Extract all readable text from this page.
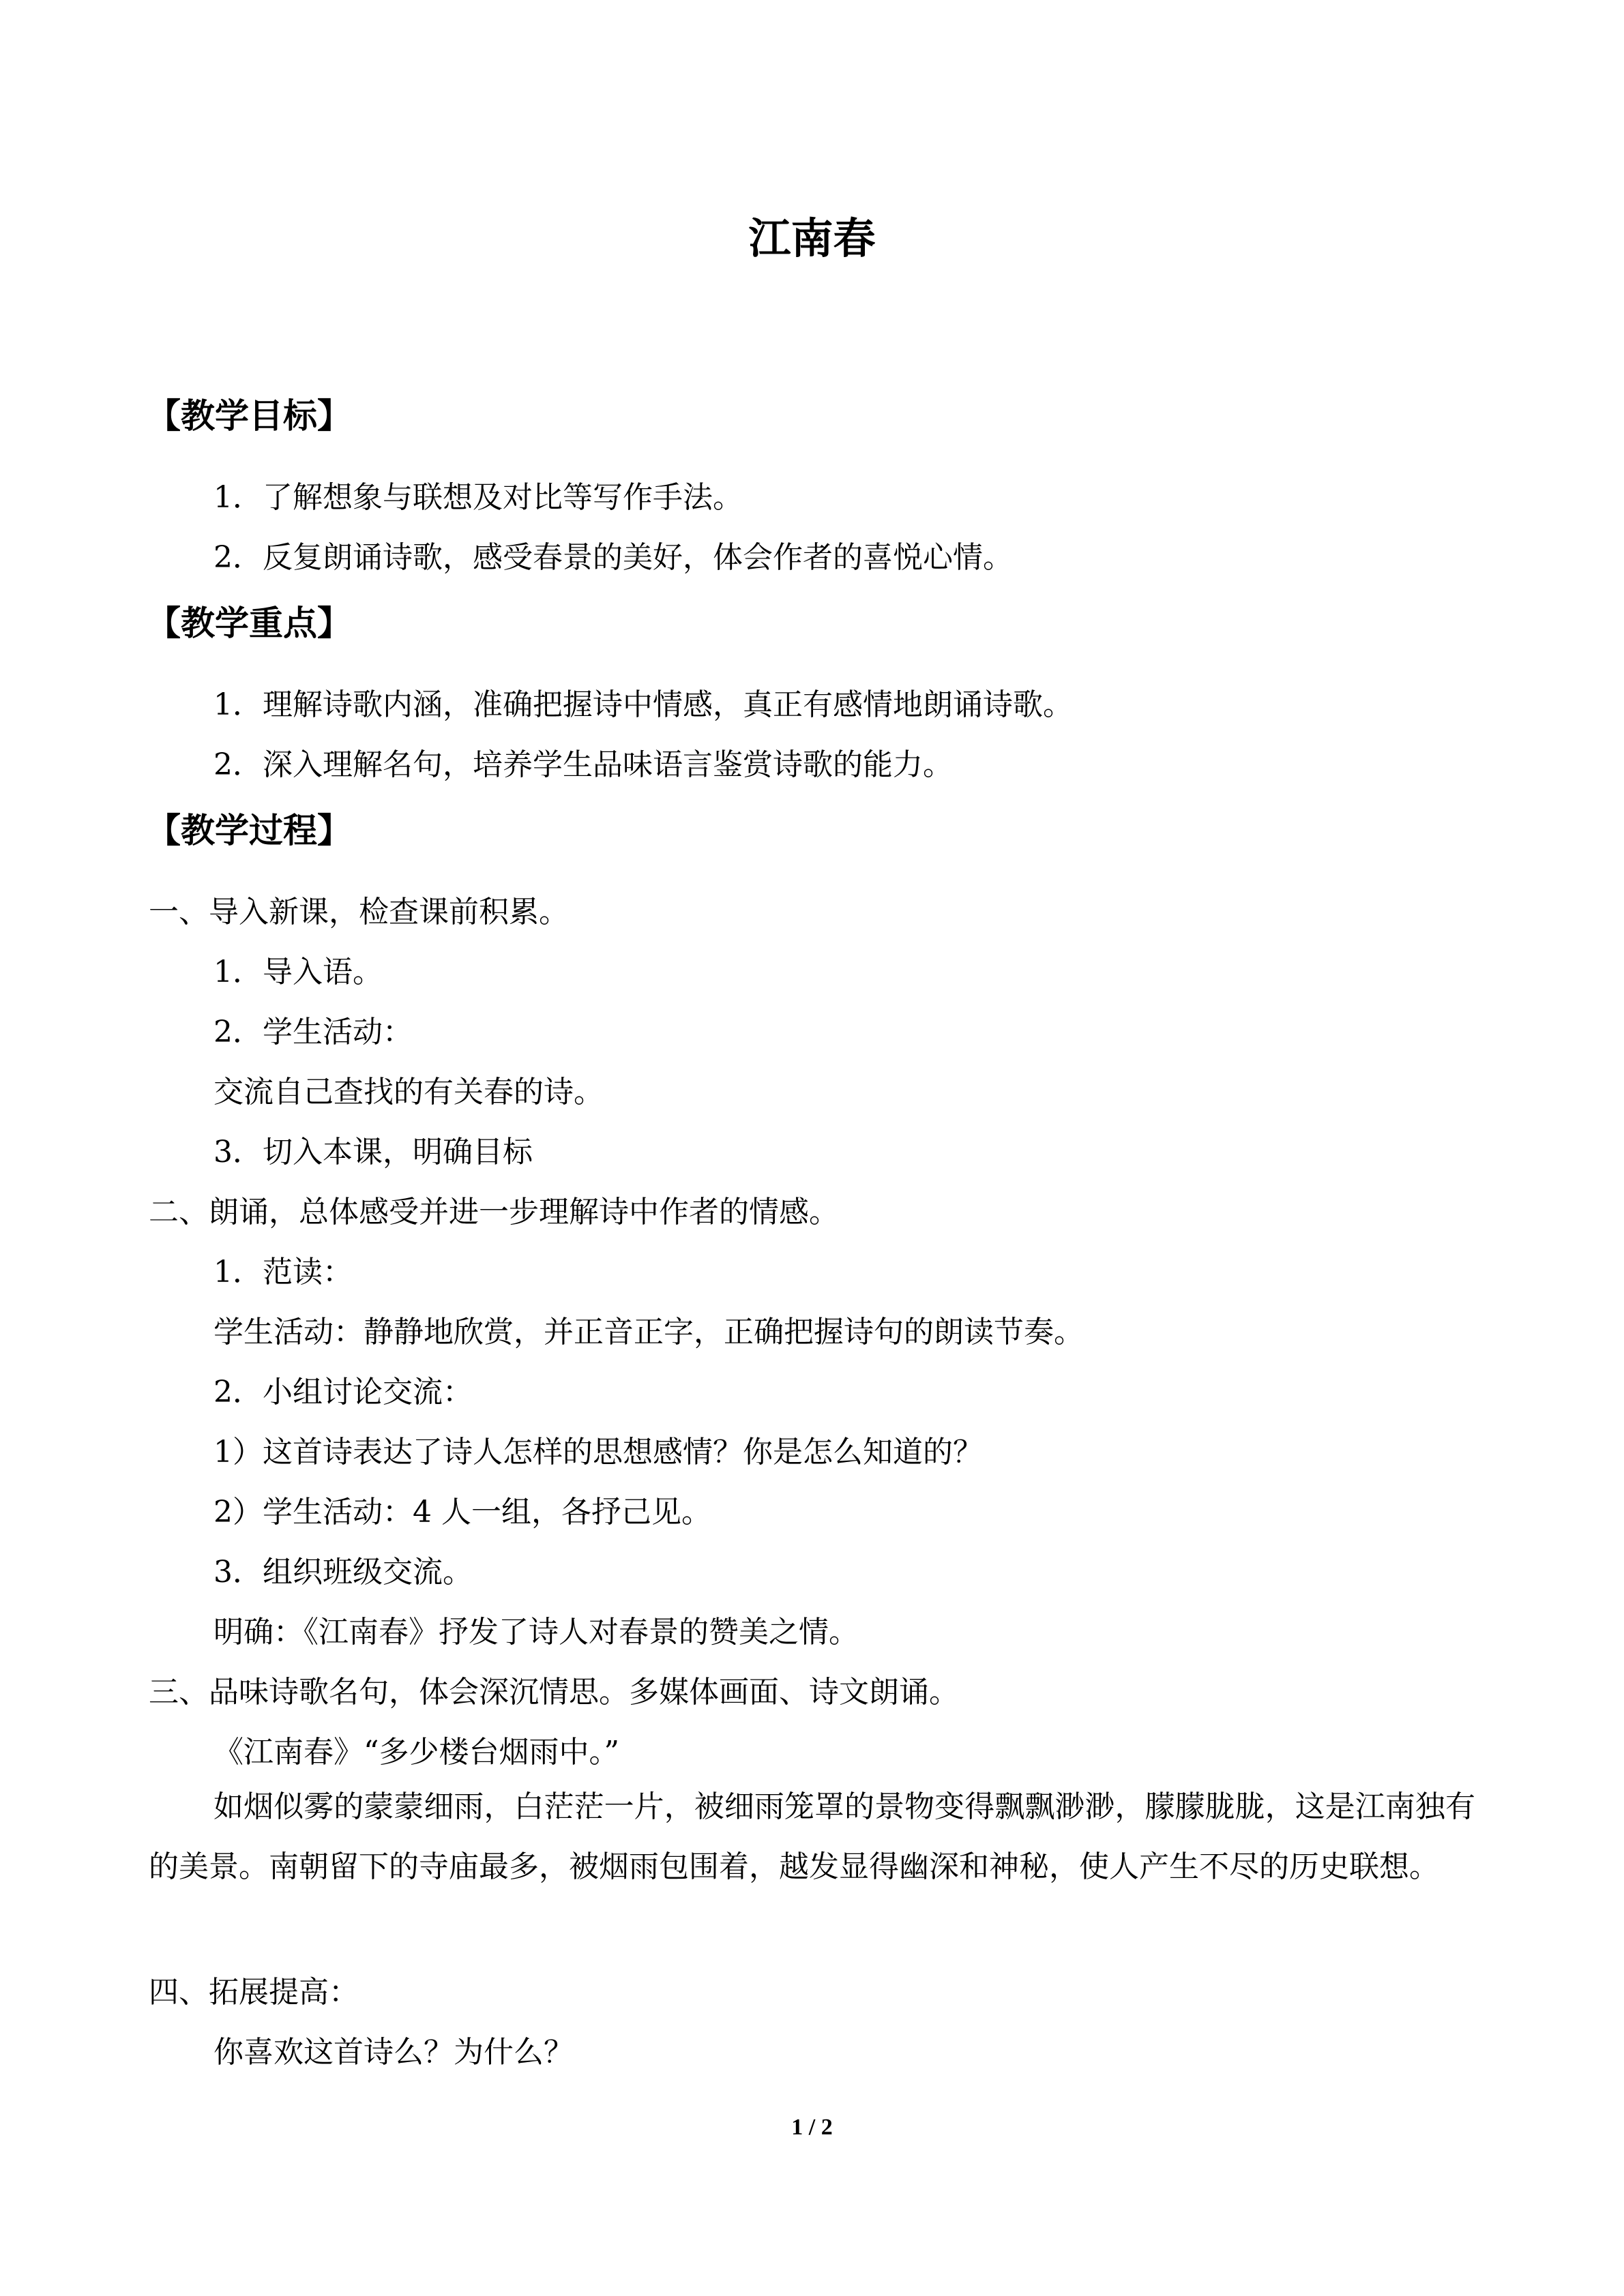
江南春
【教学目标】
1．了解想象与联想及对比等写作手法。
2．反复朗诵诗歌，感受春景的美好，体会作者的喜悦心情。
【教学重点】
1．理解诗歌内涵，准确把握诗中情感，真正有感情地朗诵诗歌。
2．深入理解名句，培养学生品味语言鉴赏诗歌的能力。
【教学过程】
一、导入新课，检查课前积累。
1．导入语。
2．学生活动：
交流自己查找的有关春的诗。
3．切入本课，明确目标
二、朗诵，总体感受并进一步理解诗中作者的情感。
1．范读：
学生活动：静静地欣赏，并正音正字，正确把握诗句的朗读节奏。
2．小组讨论交流：
1）这首诗表达了诗人怎样的思想感情？你是怎么知道的？
2）学生活动：4 人一组，各抒己见。
3．组织班级交流。
明确：《江南春》抒发了诗人对春景的赞美之情。
三、品味诗歌名句，体会深沉情思。多媒体画面、诗文朗诵。
《江南春》“多少楼台烟雨中。”
如烟似雾的蒙蒙细雨，白茫茫一片，被细雨笼罩的景物变得飘飘渺渺，朦朦胧胧，这是江南独有的美景。南朝留下的寺庙最多，被烟雨包围着，越发显得幽深和神秘，使人产生不尽的历史联想。
四、拓展提高：
你喜欢这首诗么？为什么？
1 / 2
